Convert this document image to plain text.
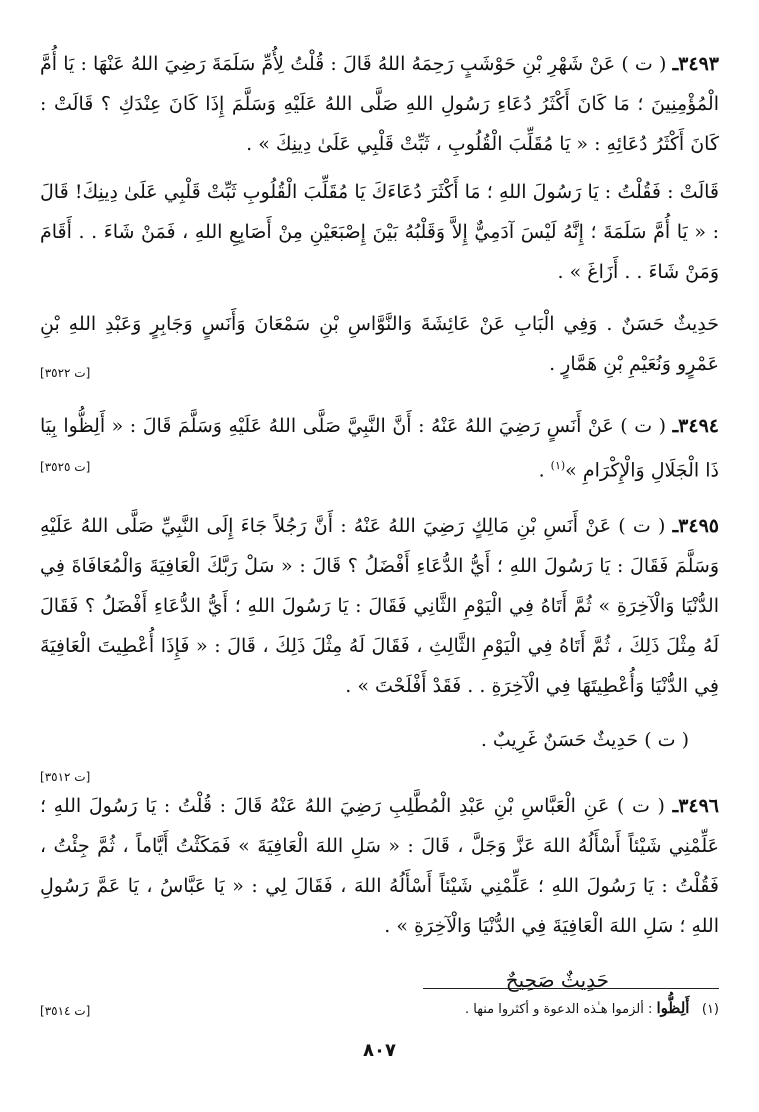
٣٤٩٣ـ ( ت ) عَنْ شَهْرِ بْنِ حَوْشَبٍ رَحِمَهُ اللهُ قَالَ : قُلْتُ لِأُمِّ سَلَمَةَ رَضِيَ اللهُ عَنْهَا : يَا أُمَّ الْمُؤْمِنِينَ ؛ مَا كَانَ أَكْثَرُ دُعَاءِ رَسُولِ اللهِ صَلَّى اللهُ عَلَيْهِ وَسَلَّمَ إِذَا كَانَ عِنْدَكِ ؟ قَالَتْ : كَانَ أَكْثَرُ دُعَائِهِ : « يَا مُقَلِّبَ الْقُلُوبِ ، ثَبِّتْ قَلْبِي عَلَىٰ دِينِكَ » .

قَالَتْ : فَقُلْتُ : يَا رَسُولَ اللهِ ؛ مَا أَكْثَرَ دُعَاءَكَ يَا مُقَلِّبَ الْقُلُوبِ ثَبِّتْ قَلْبِي عَلَىٰ دِينِكَ! قَالَ : « يَا أُمَّ سَلَمَةَ ؛ إِنَّهُ لَيْسَ آدَمِيٌّ إِلاَّ وَقَلْبُهُ بَيْنَ إِصْبَعَيْنِ مِنْ أَصَابِعِ اللهِ ، فَمَنْ شَاءَ . . أَقَامَ وَمَنْ شَاءَ . . أَزَاغَ » .

حَدِيثٌ حَسَنٌ . وَفِي الْبَابِ عَنْ عَائِشَةَ وَالنَّوَّاسِ بْنِ سَمْعَانَ وَأَنَسٍ وَجَابِرٍ وَعَبْدِ اللهِ بْنِ عَمْرٍو وَنُعَيْمِ بْنِ هَمَّارٍ .

[ت ٣٥٢٢]

٣٤٩٤ـ ( ت ) عَنْ أَنَسٍ رَضِيَ اللهُ عَنْهُ : أَنَّ النَّبِيَّ صَلَّى اللهُ عَلَيْهِ وَسَلَّمَ قَالَ : « أَلِظُّوا بِيَا ذَا الْجَلَالِ وَالْإِكْرَامِ »$^{(١)}$ .

[ت ٣٥٢٥]

٣٤٩٥ـ ( ت ) عَنْ أَنَسِ بْنِ مَالِكٍ رَضِيَ اللهُ عَنْهُ : أَنَّ رَجُلاً جَاءَ إِلَى النَّبِيِّ صَلَّى اللهُ عَلَيْهِ وَسَلَّمَ فَقَالَ : يَا رَسُولَ اللهِ ؛ أَيُّ الدُّعَاءِ أَفْضَلُ ؟ قَالَ : « سَلْ رَبَّكَ الْعَافِيَةَ وَالْمُعَافَاةَ فِي الدُّنْيَا وَالْآخِرَةِ » ثُمَّ أَتَاهُ فِي الْيَوْمِ الثَّانِي فَقَالَ : يَا رَسُولَ اللهِ ؛ أَيُّ الدُّعَاءِ أَفْضَلُ ؟ فَقَالَ لَهُ مِثْلَ ذَلِكَ ، ثُمَّ أَتَاهُ فِي الْيَوْمِ الثَّالِثِ ، فَقَالَ لَهُ مِثْلَ ذَلِكَ ، قَالَ : « فَإِذَا أُعْطِيتَ الْعَافِيَةَ فِي الدُّنْيَا وَأُعْطِيتَهَا فِي الْآخِرَةِ . . فَقَدْ أَفْلَحْتَ » .

( ت ) حَدِيثٌ حَسَنٌ غَرِيبٌ .

[ت ٣٥١٢]

٣٤٩٦ـ ( ت ) عَنِ الْعَبَّاسِ بْنِ عَبْدِ الْمُطَّلِبِ رَضِيَ اللهُ عَنْهُ قَالَ : قُلْتُ : يَا رَسُولَ اللهِ ؛ عَلِّمْنِي شَيْئاً أَسْأَلُهُ اللهَ عَزَّ وَجَلَّ ، قَالَ : « سَلِ اللهَ الْعَافِيَةَ » فَمَكَثْتُ أَيَّاماً ، ثُمَّ جِئْتُ ، فَقُلْتُ : يَا رَسُولَ اللهِ ؛ عَلِّمْنِي شَيْئاً أَسْأَلُهُ اللهَ ، فَقَالَ لِي : « يَا عَبَّاسُ ، يَا عَمَّ رَسُولِ اللهِ ؛ سَلِ اللهَ الْعَافِيَةَ فِي الدُّنْيَا وَالْآخِرَةِ » .

حَدِيثٌ صَحِيحٌ

[ت ٣٥١٤]	(١)   أَلِظُّوا : ألزموا هـٰذه الدعوة و أكثروا منها .
٨٠٧
